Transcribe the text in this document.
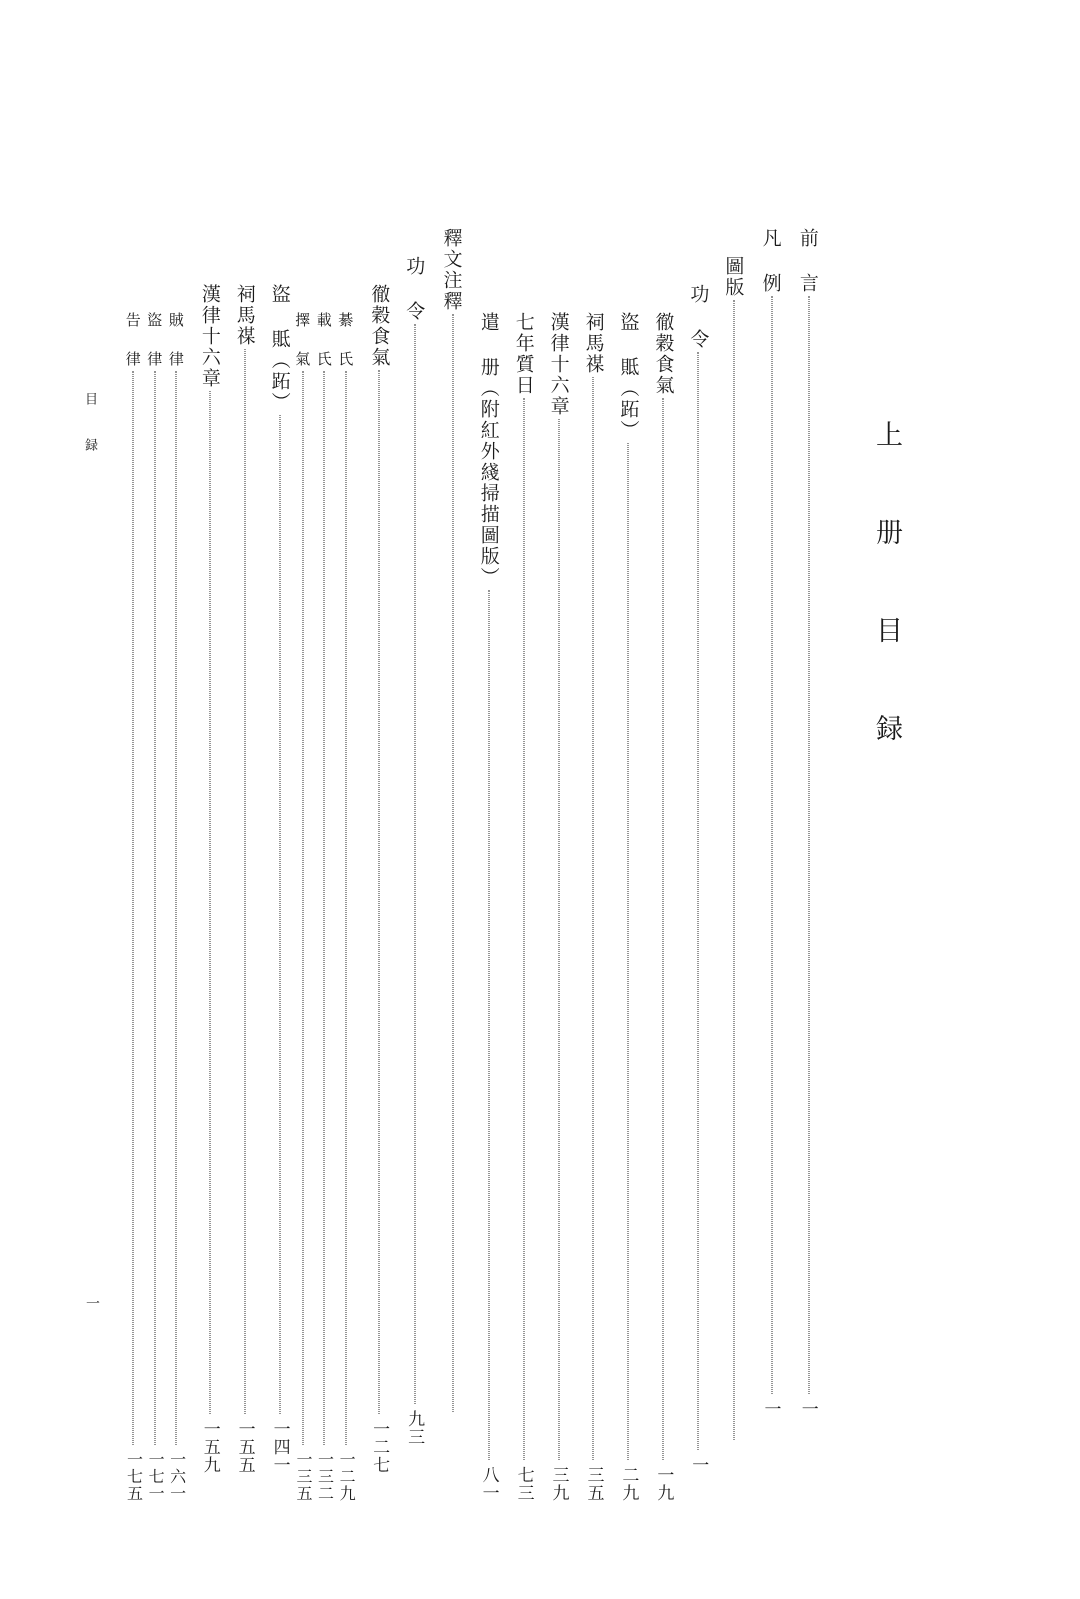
上 册 目 録
目 録
一
前 言
一
凡 例
一
圖版
功 令
一
徹穀食氣
一九
盜 貾（跖）
二九
祠馬禖
三五
漢律十六章
三九
七年質日
七三
遣 册（附紅外綫掃描圖版）
八一
釋文注釋
功 令
九三
徹穀食氣
一二七
綦 氏
一二九
載 氏
一三二
擇 氣
一三五
盜 貾（跖）
一四一
祠馬禖
一五五
漢律十六章
一五九
賊 律
一六一
盜 律
一七一
告 律
一七五
